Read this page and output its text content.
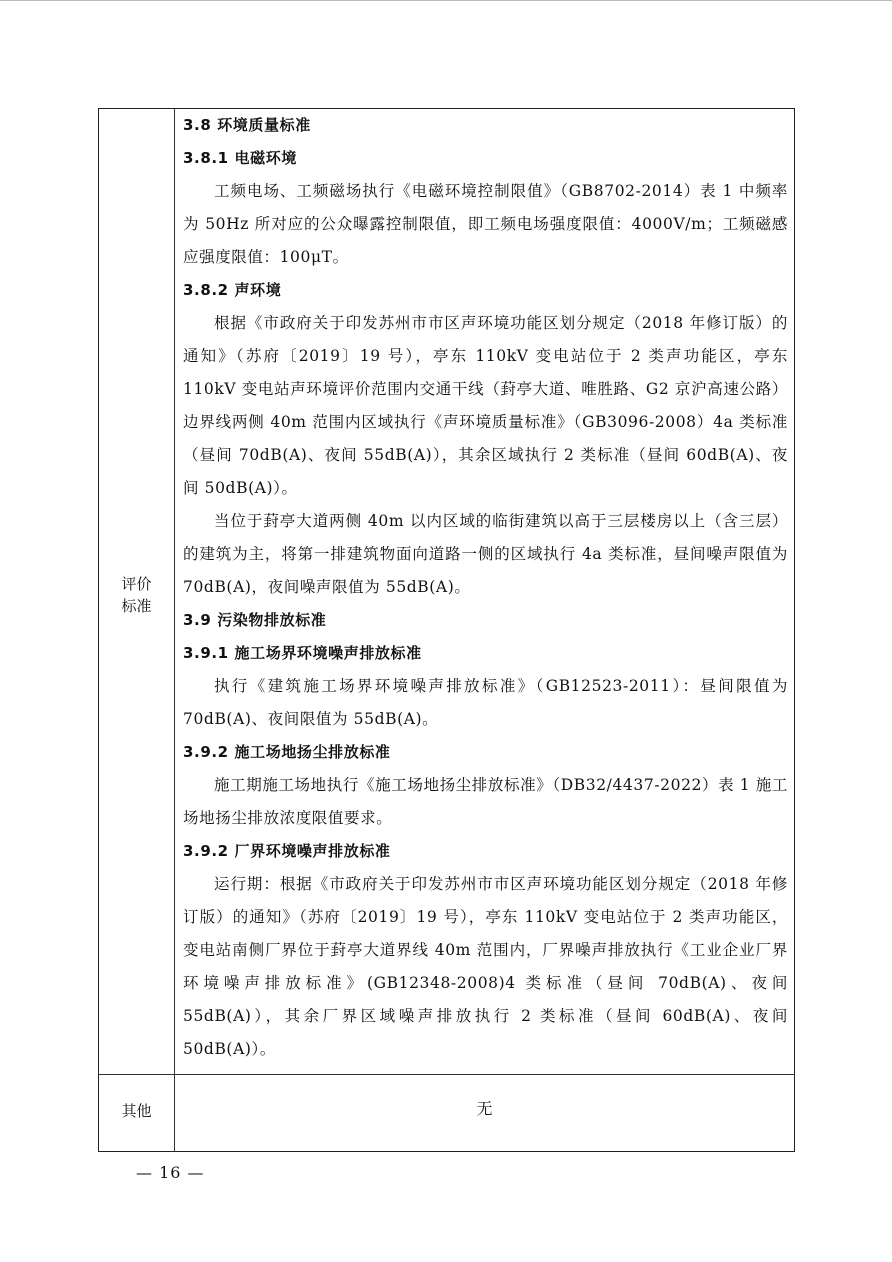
评价
标准
3.8 环境质量标准
3.8.1 电磁环境
工频电场、工频磁场执行《电磁环境控制限值》（GB8702-2014）表 1 中频率为 50Hz 所对应的公众曝露控制限值，即工频电场强度限值：4000V/m；工频磁感应强度限值：100μT。
3.8.2 声环境
根据《市政府关于印发苏州市市区声环境功能区划分规定（2018 年修订版）的通知》（苏府〔2019〕19 号），亭东 110kV 变电站位于 2 类声功能区，亭东 110kV 变电站声环境评价范围内交通干线（葑亭大道、唯胜路、G2 京沪高速公路）边界线两侧 40m 范围内区域执行《声环境质量标准》（GB3096-2008）4a 类标准（昼间 70dB(A)、夜间 55dB(A)），其余区域执行 2 类标准（昼间 60dB(A)、夜间 50dB(A)）。
当位于葑亭大道两侧 40m 以内区域的临街建筑以高于三层楼房以上（含三层）的建筑为主，将第一排建筑物面向道路一侧的区域执行 4a 类标准，昼间噪声限值为 70dB(A)，夜间噪声限值为 55dB(A)。
3.9 污染物排放标准
3.9.1 施工场界环境噪声排放标准
执行《建筑施工场界环境噪声排放标准》（GB12523-2011）：昼间限值为 70dB(A)、夜间限值为 55dB(A)。
3.9.2 施工场地扬尘排放标准
施工期施工场地执行《施工场地扬尘排放标准》（DB32/4437-2022）表 1 施工场地扬尘排放浓度限值要求。
3.9.2 厂界环境噪声排放标准
运行期：根据《市政府关于印发苏州市市区声环境功能区划分规定（2018 年修订版）的通知》（苏府〔2019〕19 号），亭东 110kV 变电站位于 2 类声功能区，变电站南侧厂界位于葑亭大道界线 40m 范围内，厂界噪声排放执行《工业企业厂界环境噪声排放标准》(GB12348-2008)4 类标准（昼间 70dB(A)、夜间 55dB(A)），其余厂界区域噪声排放执行 2 类标准（昼间 60dB(A)、夜间 50dB(A)）。
其他	无
— 16 —
